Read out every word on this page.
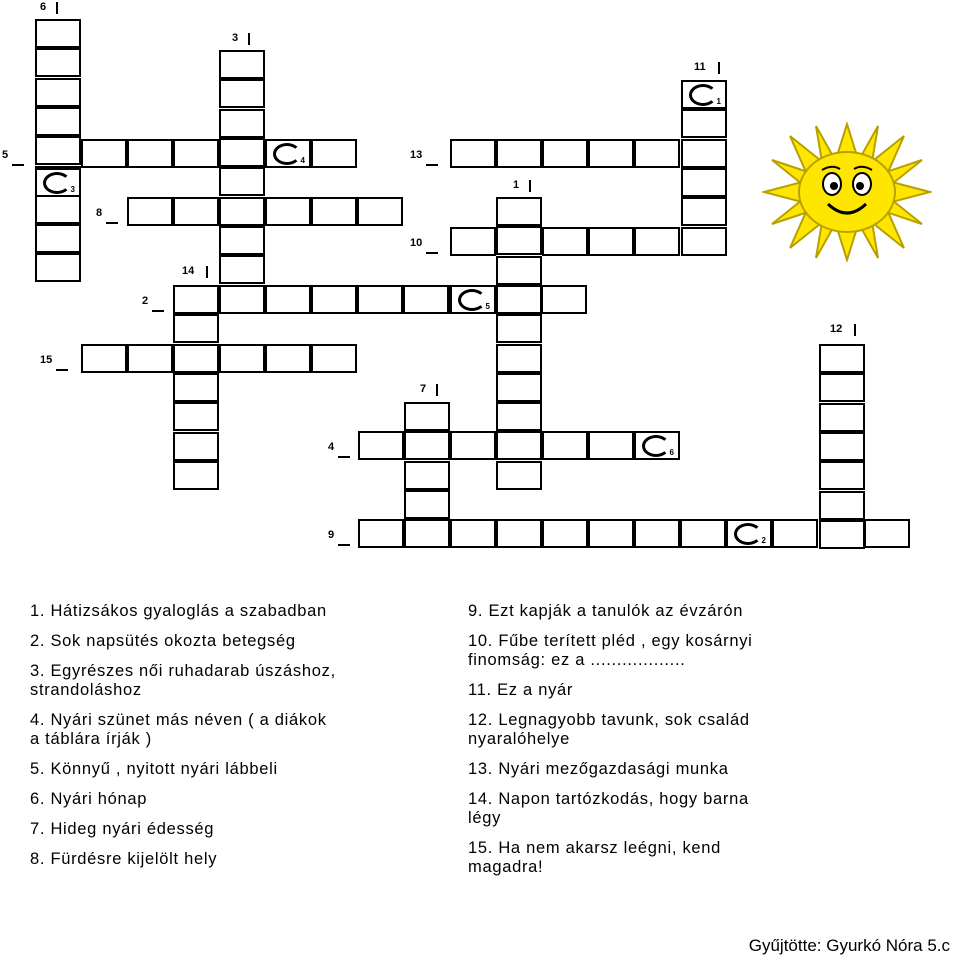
6
3
11
5	13
1
8
10
14
2
15
12
7
4
9
1
2
3
4
5
6
1. Hátizsákos gyaloglás a szabadban
2. Sok napsütés okozta betegség
3. Egyrészes női ruhadarab úszáshoz,
strandoláshoz
4. Nyári szünet más néven ( a diákok
a táblára írják )
5. Könnyű , nyitott nyári lábbeli
6. Nyári hónap
7. Hideg nyári édesség
8. Fürdésre kijelölt hely
9. Ezt kapják a tanulók az évzárón
10. Fűbe terített pléd , egy kosárnyi
finomság: ez a ..................
11. Ez a nyár
12. Legnagyobb tavunk, sok család
nyaralóhelye
13. Nyári mezőgazdasági munka
14. Napon tartózkodás, hogy barna
légy
15. Ha nem akarsz leégni, kend
magadra!
Gyűjtötte: Gyurkó Nóra 5.c
